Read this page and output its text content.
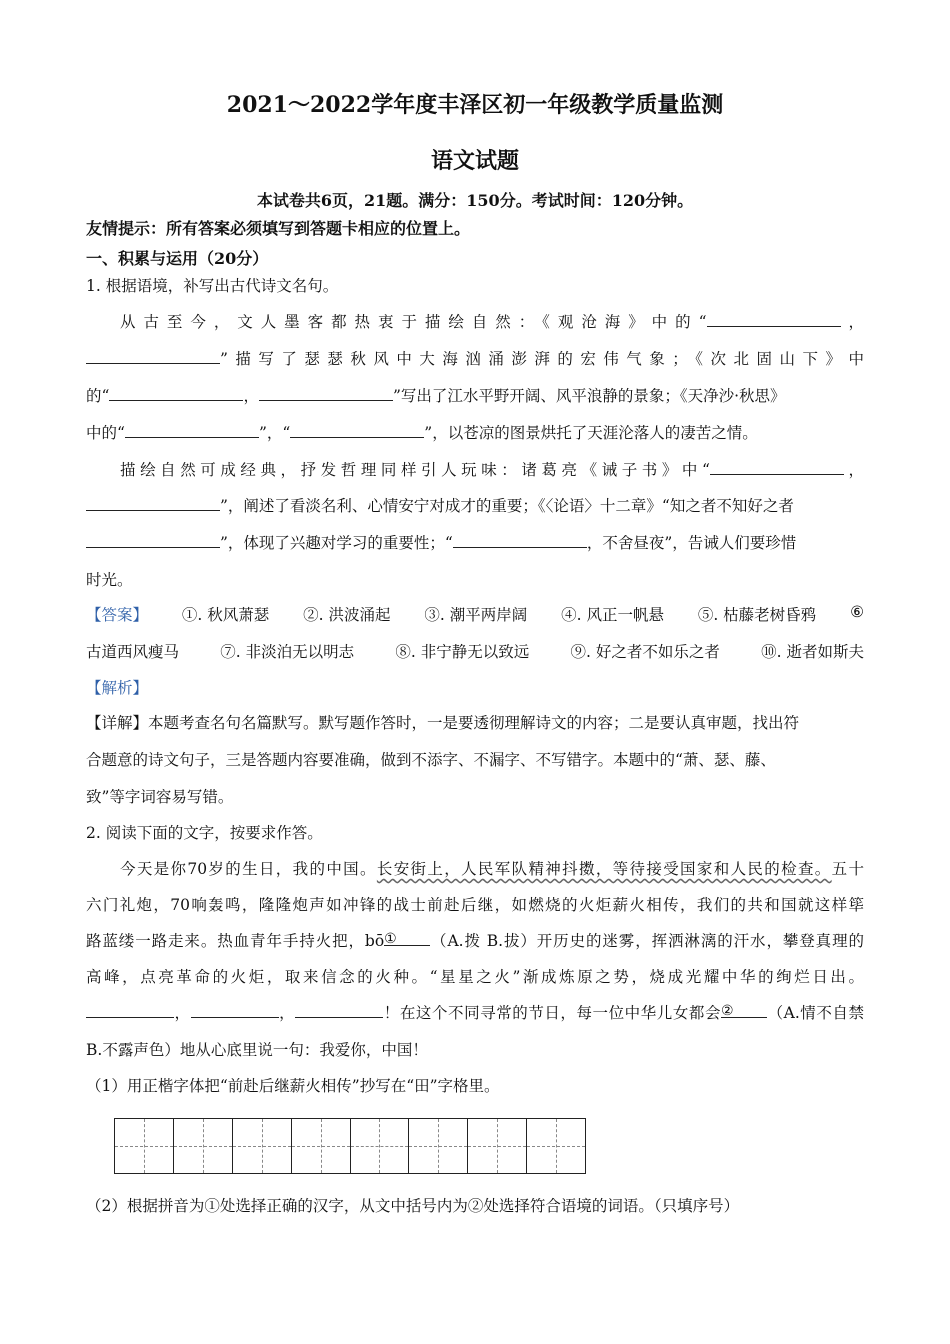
2021～2022学年度丰泽区初一年级教学质量监测
语文试题
本试卷共6页，21题。满分：150分。考试时间：120分钟。
友情提示：所有答案必须填写到答题卡相应的位置上。
一、积累与运用（20分）
1. 根据语境，补写出古代诗文名句。
从古至今，文人墨客都热衷于描绘自然：《观沧海》中的“	，
”描写了瑟瑟秋风中大海汹涌澎湃的宏伟气象；《次北固山下》中
的“	，	”写出了江水平野开阔、风平浪静的景象；《天净沙·秋思》
中的“	”，“	”，以苍凉的图景烘托了天涯沦落人的凄苦之情。
描绘自然可成经典，抒发哲理同样引人玩味：诸葛亮《诫子书》中“	，
”，阐述了看淡名利、心情安宁对成才的重要；《〈论语〉十二章》“知之者不知好之者
”，体现了兴趣对学习的重要性；“	，不舍昼夜”，告诫人们要珍惜
时光。
【答案】 ①. 秋风萧瑟 ②. 洪波涌起 ③. 潮平两岸阔 ④. 风正一帆悬 ⑤. 枯藤老树昏鸦 ⑥
古道西风瘦马	⑦. 非淡泊无以明志	⑧. 非宁静无以致远	⑨. 好之者不如乐之者	⑩. 逝者如斯夫
【解析】
【详解】本题考查名句名篇默写。默写题作答时，一是要透彻理解诗文的内容；二是要认真审题，找出符
合题意的诗文句子，三是答题内容要准确，做到不添字、不漏字、不写错字。本题中的“萧、瑟、藤、
致”等字词容易写错。
2. 阅读下面的文字，按要求作答。
今天是你70岁的生日，我的中国。长安街上，人民军队精神抖擞，等待接受国家和人民的检查。五十
六门礼炮，70响轰鸣，隆隆炮声如冲锋的战士前赴后继，如燃烧的火炬薪火相传，我们的共和国就这样筚
路蓝缕一路走来。热血青年手持火把，bō ① （A.拨 B.拔）开历史的迷雾，挥洒淋漓的汗水，攀登真理的
高峰，点亮革命的火炬，取来信念的火种。“星星之火”渐成炼原之势，烧成光耀中华的绚烂日出。
，	，	！在这个不同寻常的节日，每一位中华儿女都会 ② （A.情不自禁
B.不露声色）地从心底里说一句：我爱你，中国！
（1）用正楷字体把“前赴后继薪火相传”抄写在“田”字格里。
（2）根据拼音为①处选择正确的汉字，从文中括号内为②处选择符合语境的词语。（只填序号）
